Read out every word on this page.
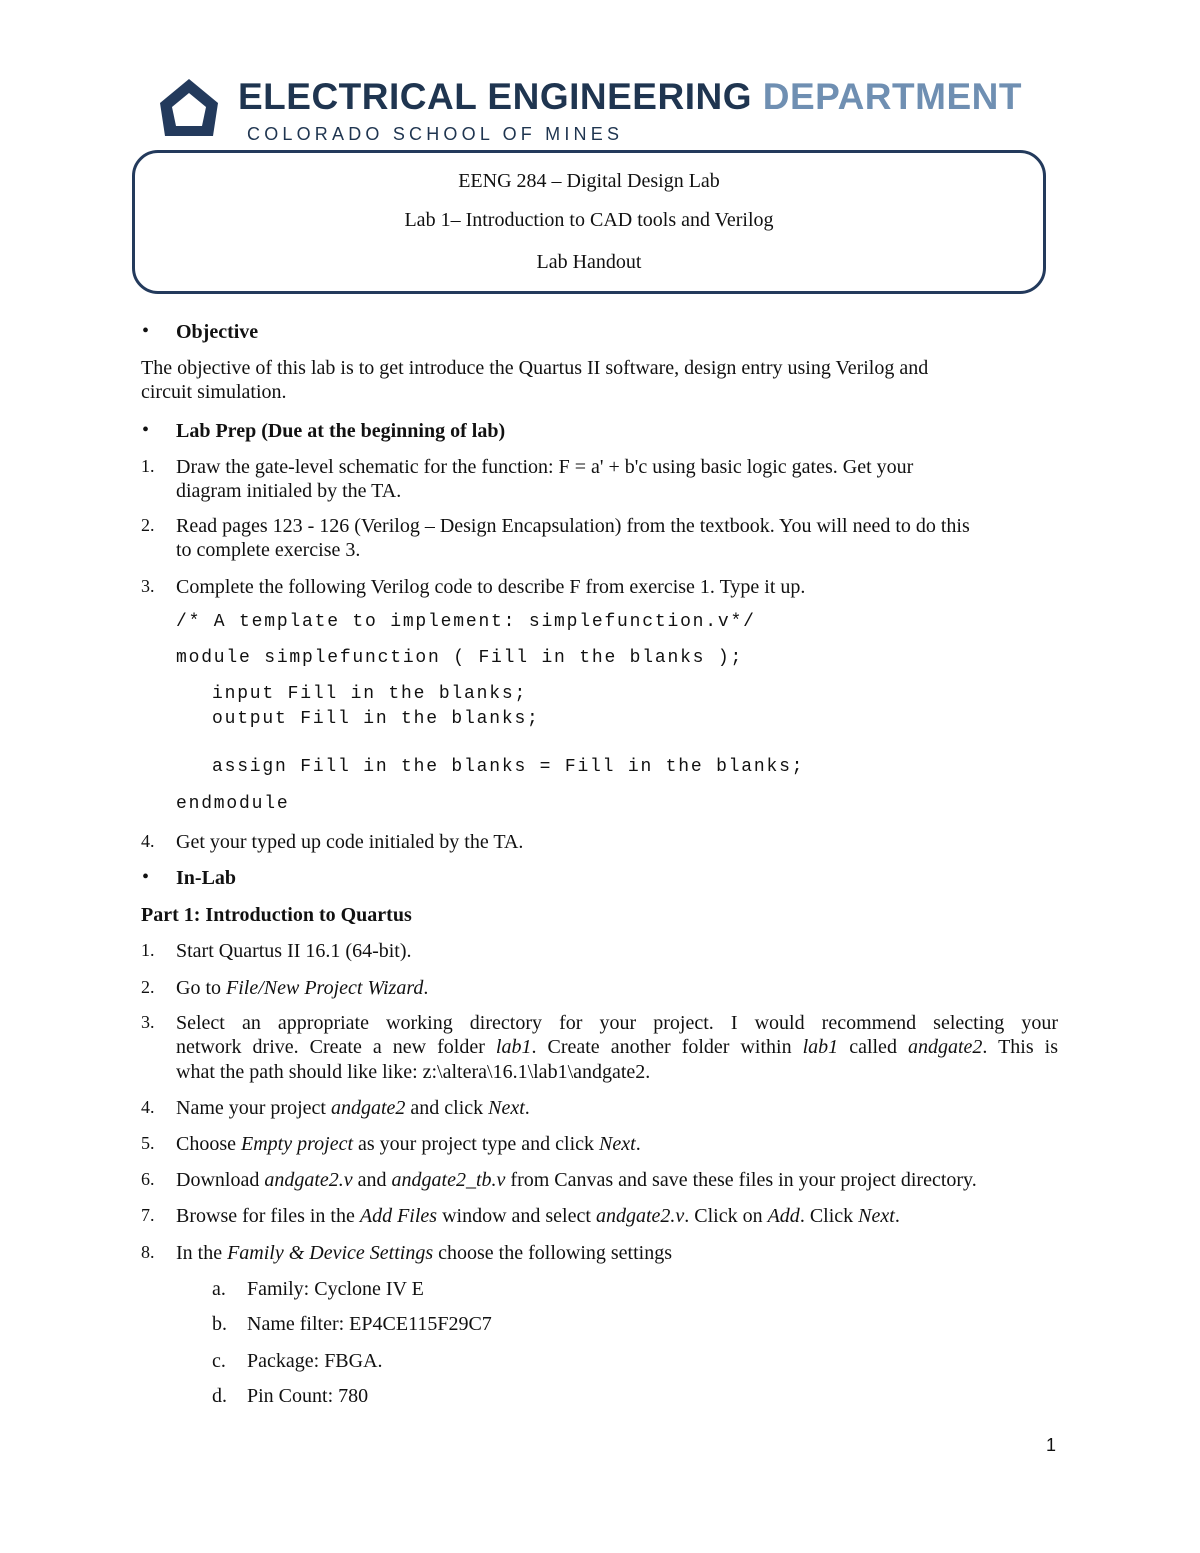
ELECTRICAL ENGINEERING DEPARTMENT
COLORADO SCHOOL OF MINES
EENG 284 – Digital Design Lab
Lab 1– Introduction to CAD tools and Verilog
Lab Handout
• Objective
The objective of this lab is to get introduce the Quartus II software, design entry using Verilog and
circuit simulation.
• Lab Prep (Due at the beginning of lab)
1.	Draw the gate-level schematic for the function: F = a' + b'c using basic logic gates. Get your
diagram initialed by the TA.
2.	Read pages 123 - 126 (Verilog – Design Encapsulation) from the textbook. You will need to do this
to complete exercise 3.
3.	Complete the following Verilog code to describe F from exercise 1. Type it up.
/* A template to implement: simplefunction.v*/
module simplefunction ( Fill in the blanks );
input Fill in the blanks;
output Fill in the blanks;
assign Fill in the blanks = Fill in the blanks;
endmodule
4.	Get your typed up code initialed by the TA.
• In-Lab
Part 1: Introduction to Quartus
1.	Start Quartus II 16.1 (64-bit).
2.	Go to File/New Project Wizard.
3.	Select an appropriate working directory for your project. I would recommend selecting your
network drive. Create a new folder lab1. Create another folder within lab1 called andgate2. This is
what the path should like like: z:\altera\16.1\lab1\andgate2.
4.	Name your project andgate2 and click Next.
5.	Choose Empty project as your project type and click Next.
6.	Download andgate2.v and andgate2_tb.v from Canvas and save these files in your project directory.
7.	Browse for files in the Add Files window and select andgate2.v. Click on Add. Click Next.
8.	In the Family & Device Settings choose the following settings
a. Family: Cyclone IV E
b. Name filter: EP4CE115F29C7
c. Package: FBGA.
d. Pin Count: 780
1
